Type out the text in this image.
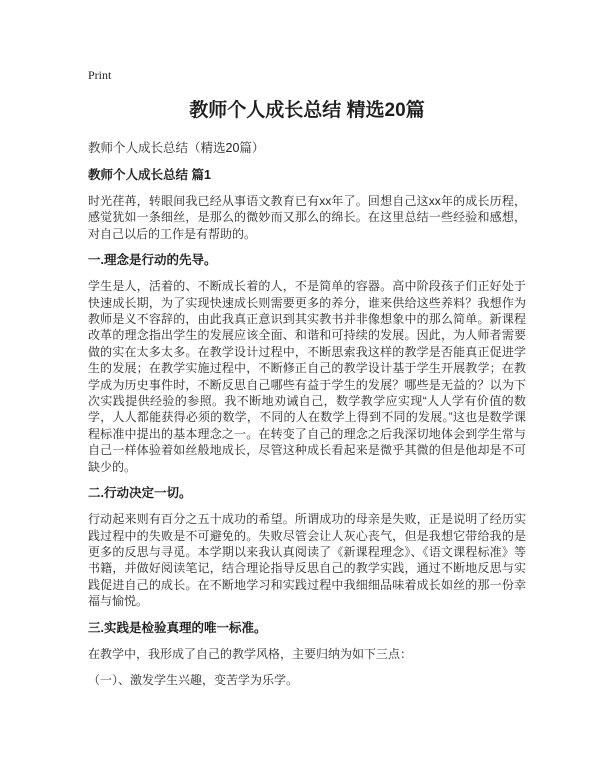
Print
教师个人成长总结 精选20篇
教师个人成长总结（精选20篇）
教师个人成长总结 篇1
时光荏苒，转眼间我已经从事语文教育已有xx年了。回想自己这xx年的成长历程，感觉犹如一条细丝，是那么的微妙而又那么的绵长。在这里总结一些经验和感想，对自己以后的工作是有帮助的。
一.理念是行动的先导。
学生是人，活着的、不断成长着的人，不是简单的容器。高中阶段孩子们正好处于快速成长期，为了实现快速成长则需要更多的养分，谁来供给这些养料？我想作为教师是义不容辞的，由此我真正意识到其实教书并非像想象中的那么简单。新课程改革的理念指出学生的发展应该全面、和谐和可持续的发展。因此，为人师者需要做的实在太多太多。在教学设计过程中，不断思索我这样的教学是否能真正促进学生的发展；在教学实施过程中，不断修正自己的教学设计基于学生开展教学；在教学成为历史事件时，不断反思自己哪些有益于学生的发展？哪些是无益的？以为下次实践提供经验的参照。我不断地劝诫自己，数学教学应实现“人人学有价值的数学，人人都能获得必须的数学，不同的人在数学上得到不同的发展。”这也是数学课程标准中提出的基本理念之一。在转变了自己的理念之后我深切地体会到学生常与自己一样体验着如丝般地成长，尽管这种成长看起来是微乎其微的但是他却是不可缺少的。
二.行动决定一切。
行动起来则有百分之五十成功的希望。所谓成功的母亲是失败，正是说明了经历实践过程中的失败是不可避免的。失败尽管会让人灰心丧气，但是我想它带给我的是更多的反思与寻觅。本学期以来我认真阅读了《新课程理念》、《语文课程标准》等书籍，并做好阅读笔记，结合理论指导反思自己的教学实践，通过不断地反思与实践促进自己的成长。在不断地学习和实践过程中我细细品味着成长如丝的那一份幸福与愉悦。
三.实践是检验真理的唯一标准。
在教学中，我形成了自己的教学风格，主要归纳为如下三点：
（一）、激发学生兴趣，变苦学为乐学。
